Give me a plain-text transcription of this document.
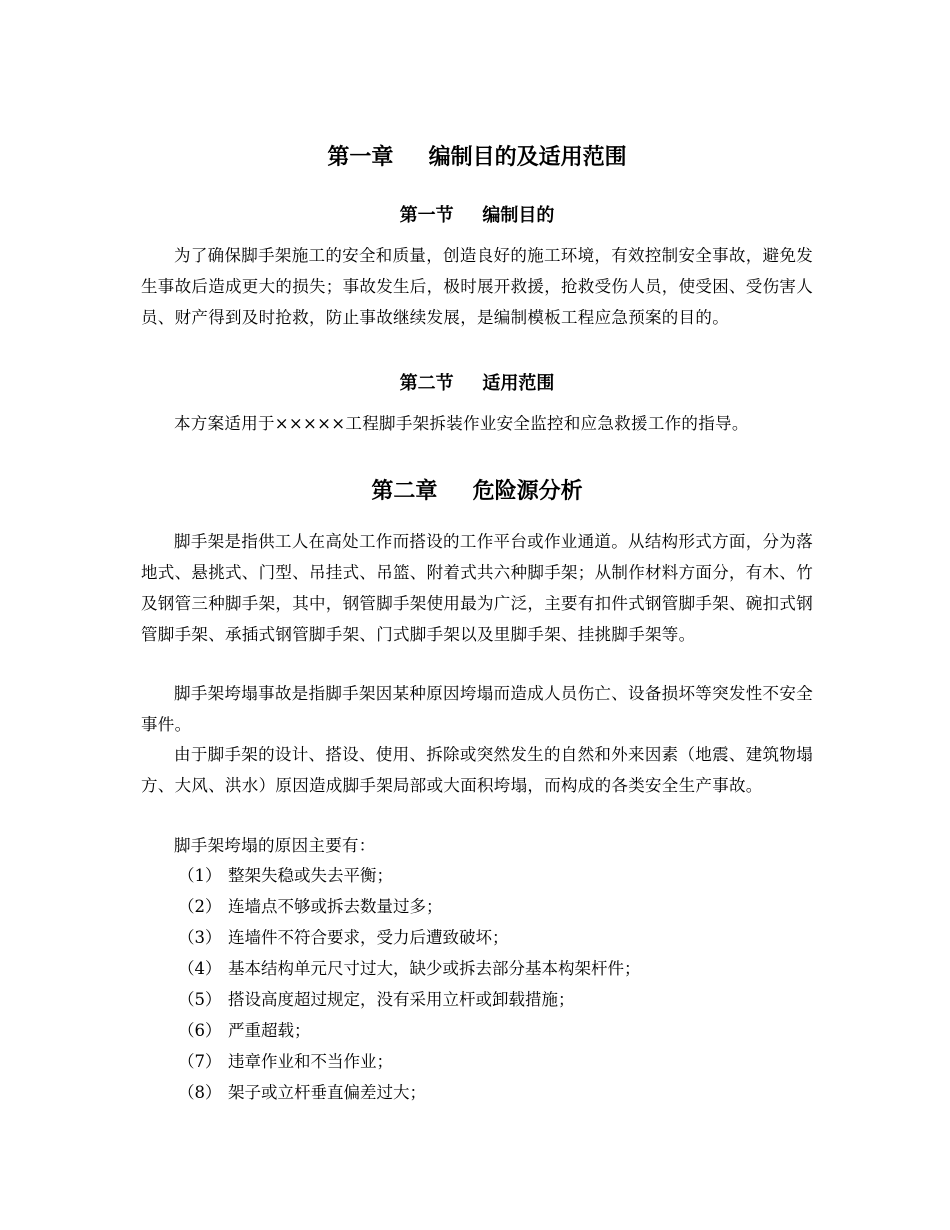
第一章 编制目的及适用范围
第一节 编制目的

为了确保脚手架施工的安全和质量，创造良好的施工环境，有效控制安全事故，避免发生事故后造成更大的损失；事故发生后，极时展开救援，抢救受伤人员，使受困、受伤害人员、财产得到及时抢救，防止事故继续发展，是编制模板工程应急预案的目的。

第二节 适用范围

本方案适用于×××××工程脚手架拆装作业安全监控和应急救援工作的指导。

第二章 危险源分析

脚手架是指供工人在高处工作而搭设的工作平台或作业通道。从结构形式方面，分为落地式、悬挑式、门型、吊挂式、吊篮、附着式共六种脚手架；从制作材料方面分，有木、竹及钢管三种脚手架，其中，钢管脚手架使用最为广泛，主要有扣件式钢管脚手架、碗扣式钢管脚手架、承插式钢管脚手架、门式脚手架以及里脚手架、挂挑脚手架等。

脚手架垮塌事故是指脚手架因某种原因垮塌而造成人员伤亡、设备损坏等突发性不安全事件。

由于脚手架的设计、搭设、使用、拆除或突然发生的自然和外来因素（地震、建筑物塌方、大风、洪水）原因造成脚手架局部或大面积垮塌，而构成的各类安全生产事故。

脚手架垮塌的原因主要有：

（1） 整架失稳或失去平衡；

（2） 连墙点不够或拆去数量过多；

（3） 连墙件不符合要求，受力后遭致破坏；

（4） 基本结构单元尺寸过大，缺少或拆去部分基本构架杆件；

（5） 搭设高度超过规定，没有采用立杆或卸载措施；

（6） 严重超载；

（7） 违章作业和不当作业；

（8） 架子或立杆垂直偏差过大；
